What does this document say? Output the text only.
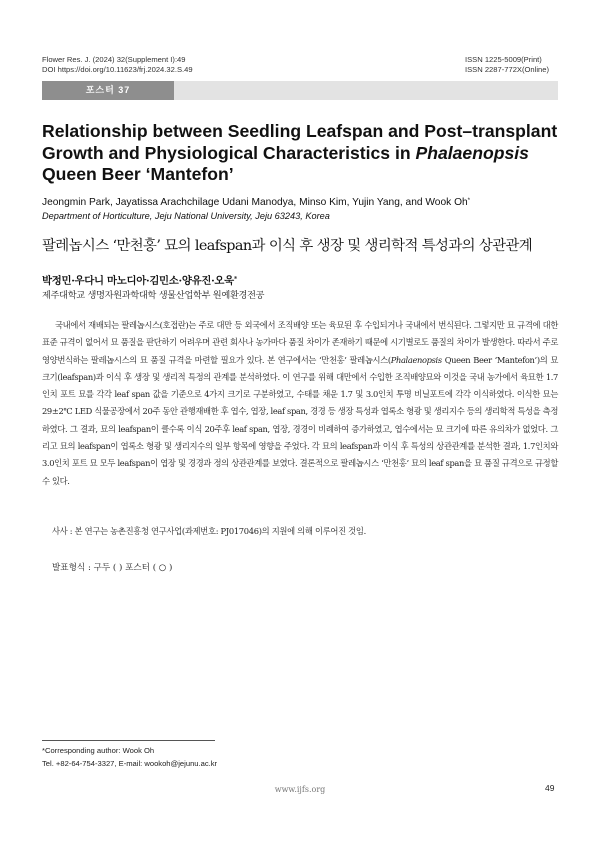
Flower Res. J. (2024) 32(Supplement I):49
DOI https://doi.org/10.11623/frj.2024.32.S.49
ISSN 1225-5009(Print)
ISSN 2287-772X(Online)
포스터 37
Relationship between Seedling Leafspan and Post–transplant Growth and Physiological Characteristics in Phalaenopsis Queen Beer ‘Mantefon’
Jeongmin Park, Jayatissa Arachchilage Udani Manodya, Minso Kim, Yujin Yang, and Wook Oh*
Department of Horticulture, Jeju National University, Jeju 63243, Korea
팔레놉시스 ‘만천홍’ 묘의 leafspan과 이식 후 생장 및 생리학적 특성과의 상관관계
박정민·우다니 마노디아·김민소·양유진·오욱*
제주대학교 생명자원과학대학 생물산업학부 원예환경전공
국내에서 재배되는 팔레놉시스(호접란)는 주로 대만 등 외국에서 조직배양 또는 육묘된 후 수입되거나 국내에서 번식된다. 그렇지만 묘 규격에 대한 표준 규격이 없어서 묘 품질을 판단하기 어려우며 관련 회사나 농가마다 품질 차이가 존재하기 때문에 시기별로도 품질의 차이가 발생한다. 따라서 주로 영양번식하는 팔레놉시스의 묘 품질 규격을 마련할 필요가 있다. 본 연구에서는 ‘만천홍’ 팔레놉시스(Phalaenopsis Queen Beer ‘Mantefon’)의 묘 크기(leafspan)과 이식 후 생장 및 생리적 특정의 관계를 분석하였다. 이 연구를 위해 대만에서 수입한 조직배양묘와 이것을 국내 농가에서 육묘한 1.7인치 포트 묘를 각각 leaf span 값을 기준으로 4가지 크기로 구분하였고, 수태를 채운 1.7 및 3.0인치 투명 비닐포트에 각각 이식하였다. 이식한 묘는 29±2℃ LED 식물공장에서 20주 동안 관행재배한 후 엽수, 엽장, leaf span, 경경 등 생장 특성과 엽록소 형광 및 생리지수 등의 생리학적 특성을 측정하였다. 그 결과, 묘의 leafspan이 클수록 이식 20주후 leaf span, 엽장, 경경이 비례하여 증가하였고, 엽수에서는 묘 크기에 따른 유의차가 없었다. 그리고 묘의 leafspan이 엽록소 형광 및 생리지수의 일부 항목에 영향을 주었다. 각 묘의 leafspan과 이식 후 특성의 상관관계를 분석한 결과, 1.7인치와 3.0인치 포트 묘 모두 leafspan이 엽장 및 경경과 정의 상관관계를 보였다. 결론적으로 팔레놉시스 ‘만천홍’ 묘의 leaf span을 묘 품질 규격으로 규정할 수 있다.
사사 : 본 연구는 농촌진흥청 연구사업(과제번호: PJ017046)의 지원에 의해 이루어진 것임.
발표형식 : 구두 ( ) 포스터 ( ○ )
*Corresponding author: Wook Oh
Tel. +82-64-754-3327, E-mail: wookoh@jejunu.ac.kr
www.ijfs.org	49
